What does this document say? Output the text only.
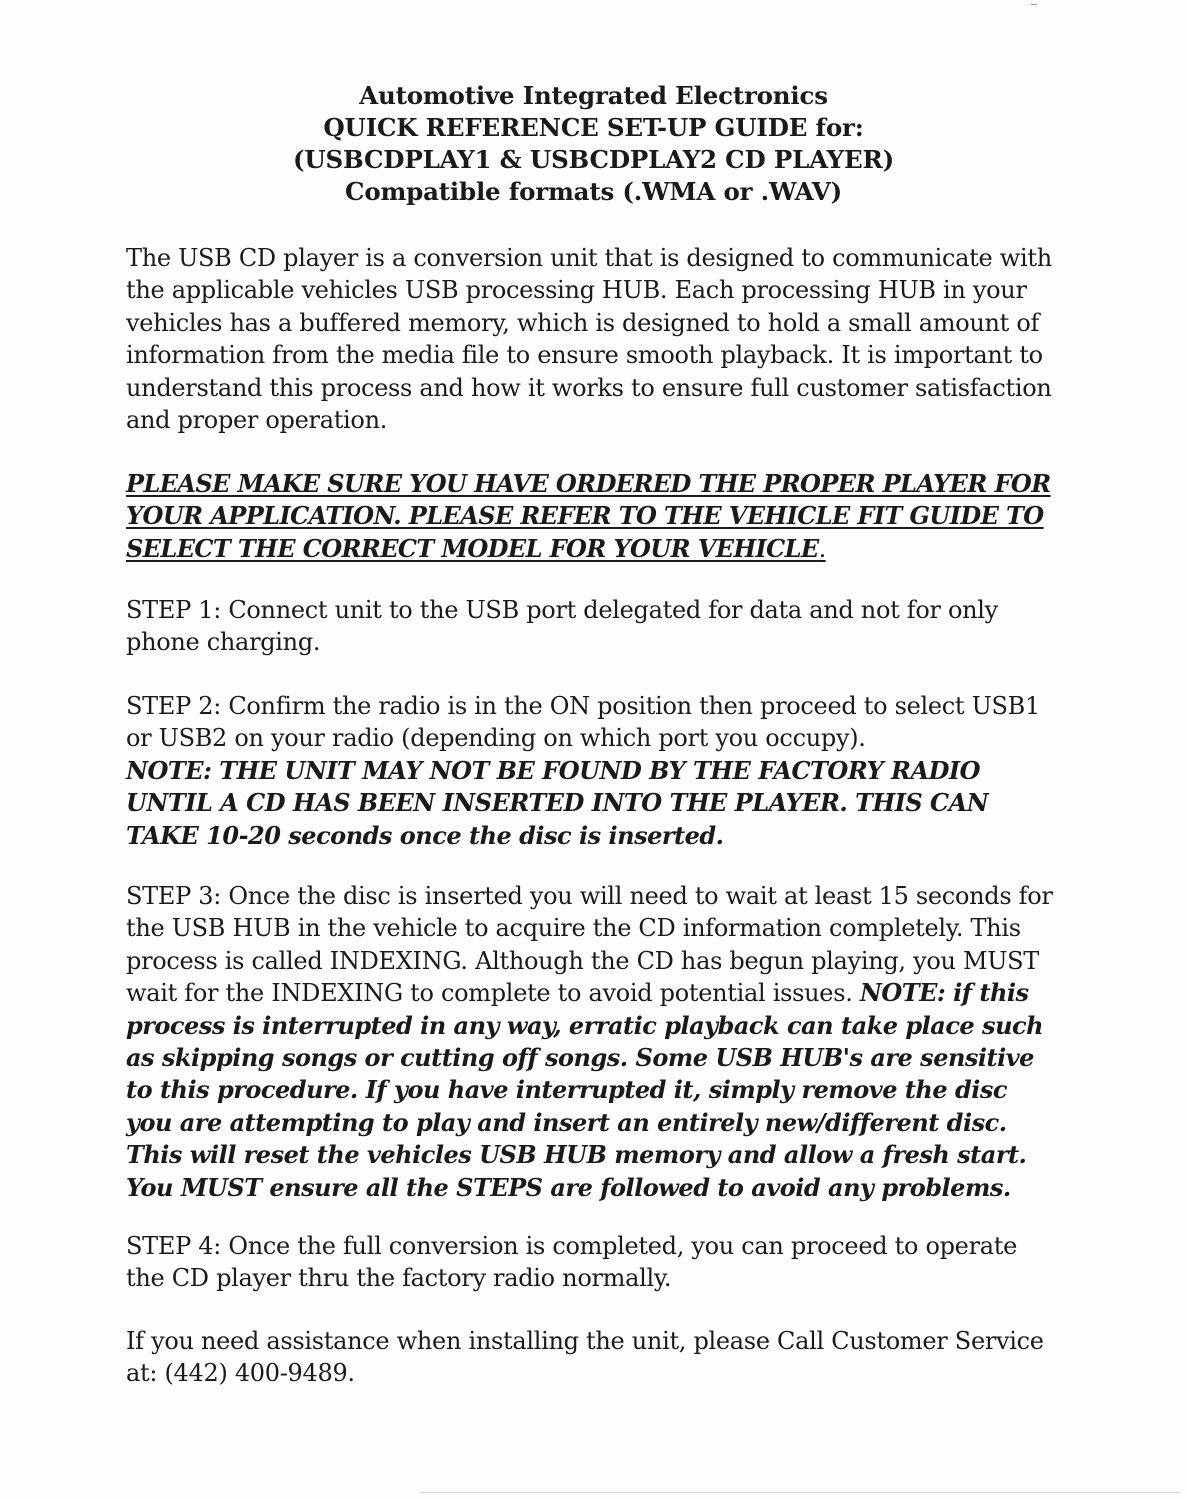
Automotive Integrated Electronics
QUICK REFERENCE SET-UP GUIDE for:
(USBCDPLAY1 & USBCDPLAY2 CD PLAYER)
Compatible formats (.WMA or .WAV)

The USB CD player is a conversion unit that is designed to communicate with the applicable vehicles USB processing HUB. Each processing HUB in your vehicles has a buffered memory, which is designed to hold a small amount of information from the media file to ensure smooth playback. It is important to understand this process and how it works to ensure full customer satisfaction and proper operation.

PLEASE MAKE SURE YOU HAVE ORDERED THE PROPER PLAYER FOR YOUR APPLICATION. PLEASE REFER TO THE VEHICLE FIT GUIDE TO SELECT THE CORRECT MODEL FOR YOUR VEHICLE.

STEP 1: Connect unit to the USB port delegated for data and not for only phone charging.

STEP 2: Confirm the radio is in the ON position then proceed to select USB1 or USB2 on your radio (depending on which port you occupy).
NOTE: THE UNIT MAY NOT BE FOUND BY THE FACTORY RADIO UNTIL A CD HAS BEEN INSERTED INTO THE PLAYER. THIS CAN TAKE 10-20 seconds once the disc is inserted.

STEP 3: Once the disc is inserted you will need to wait at least 15 seconds for the USB HUB in the vehicle to acquire the CD information completely. This process is called INDEXING. Although the CD has begun playing, you MUST wait for the INDEXING to complete to avoid potential issues. NOTE: if this process is interrupted in any way, erratic playback can take place such as skipping songs or cutting off songs. Some USB HUB's are sensitive to this procedure. If you have interrupted it, simply remove the disc you are attempting to play and insert an entirely new/different disc. This will reset the vehicles USB HUB memory and allow a fresh start. You MUST ensure all the STEPS are followed to avoid any problems.

STEP 4: Once the full conversion is completed, you can proceed to operate the CD player thru the factory radio normally.

If you need assistance when installing the unit, please Call Customer Service at: (442) 400-9489.
